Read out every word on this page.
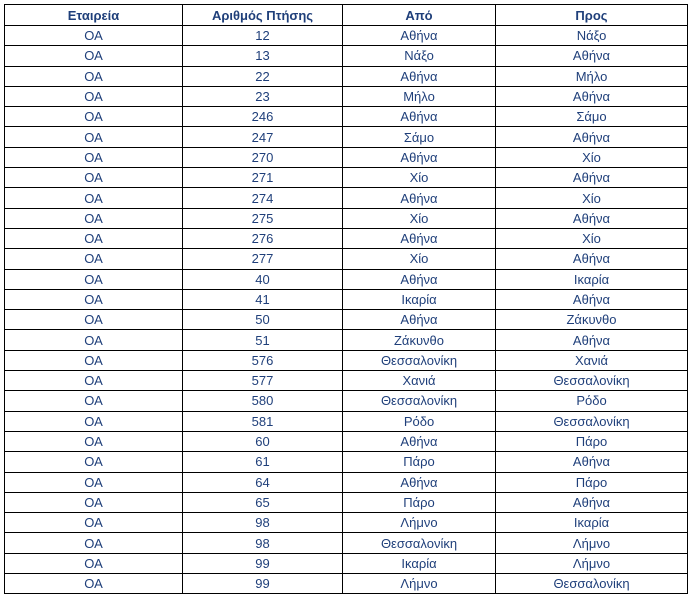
Εταιρεία	Αριθμός Πτήσης	Από	Προς
ΟΑ	12	Αθήνα	Νάξο
ΟΑ	13	Νάξο	Αθήνα
ΟΑ	22	Αθήνα	Μήλο
ΟΑ	23	Μήλο	Αθήνα
ΟΑ	246	Αθήνα	Σάμο
ΟΑ	247	Σάμο	Αθήνα
ΟΑ	270	Αθήνα	Χίο
ΟΑ	271	Χίο	Αθήνα
ΟΑ	274	Αθήνα	Χίο
ΟΑ	275	Χίο	Αθήνα
ΟΑ	276	Αθήνα	Χίο
ΟΑ	277	Χίο	Αθήνα
ΟΑ	40	Αθήνα	Ικαρία
ΟΑ	41	Ικαρία	Αθήνα
ΟΑ	50	Αθήνα	Ζάκυνθο
ΟΑ	51	Ζάκυνθο	Αθήνα
ΟΑ	576	Θεσσαλονίκη	Χανιά
ΟΑ	577	Χανιά	Θεσσαλονίκη
ΟΑ	580	Θεσσαλονίκη	Ρόδο
ΟΑ	581	Ρόδο	Θεσσαλονίκη
ΟΑ	60	Αθήνα	Πάρο
ΟΑ	61	Πάρο	Αθήνα
ΟΑ	64	Αθήνα	Πάρο
ΟΑ	65	Πάρο	Αθήνα
ΟΑ	98	Λήμνο	Ικαρία
ΟΑ	98	Θεσσαλονίκη	Λήμνο
ΟΑ	99	Ικαρία	Λήμνο
ΟΑ	99	Λήμνο	Θεσσαλονίκη
